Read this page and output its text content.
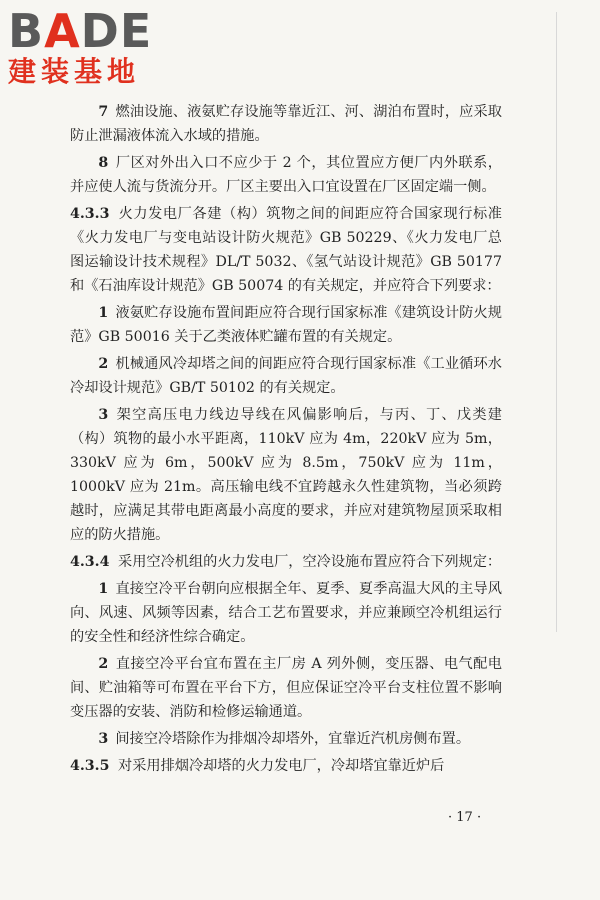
BADE
建装基地

7 燃油设施、液氨贮存设施等靠近江、河、湖泊布置时，应采取防止泄漏液体流入水域的措施。

8 厂区对外出入口不应少于 2 个，其位置应方便厂内外联系，并应使人流与货流分开。厂区主要出入口宜设置在厂区固定端一侧。

4.3.3 火力发电厂各建（构）筑物之间的间距应符合国家现行标准《火力发电厂与变电站设计防火规范》GB 50229、《火力发电厂总图运输设计技术规程》DL/T 5032、《氢气站设计规范》GB 50177和《石油库设计规范》GB 50074 的有关规定，并应符合下列要求：

1 液氨贮存设施布置间距应符合现行国家标准《建筑设计防火规范》GB 50016 关于乙类液体贮罐布置的有关规定。

2 机械通风冷却塔之间的间距应符合现行国家标准《工业循环水冷却设计规范》GB/T 50102 的有关规定。

3 架空高压电力线边导线在风偏影响后，与丙、丁、戊类建（构）筑物的最小水平距离，110kV 应为 4m，220kV 应为 5m，330kV 应为 6m，500kV 应为 8.5m，750kV 应为 11m，1000kV 应为 21m。高压输电线不宜跨越永久性建筑物，当必须跨越时，应满足其带电距离最小高度的要求，并应对建筑物屋顶采取相应的防火措施。

4.3.4 采用空冷机组的火力发电厂，空冷设施布置应符合下列规定：

1 直接空冷平台朝向应根据全年、夏季、夏季高温大风的主导风向、风速、风频等因素，结合工艺布置要求，并应兼顾空冷机组运行的安全性和经济性综合确定。

2 直接空冷平台宜布置在主厂房 A 列外侧，变压器、电气配电间、贮油箱等可布置在平台下方，但应保证空冷平台支柱位置不影响变压器的安装、消防和检修运输通道。

3 间接空冷塔除作为排烟冷却塔外，宜靠近汽机房侧布置。

4.3.5 对采用排烟冷却塔的火力发电厂，冷却塔宜靠近炉后

· 17 ·
